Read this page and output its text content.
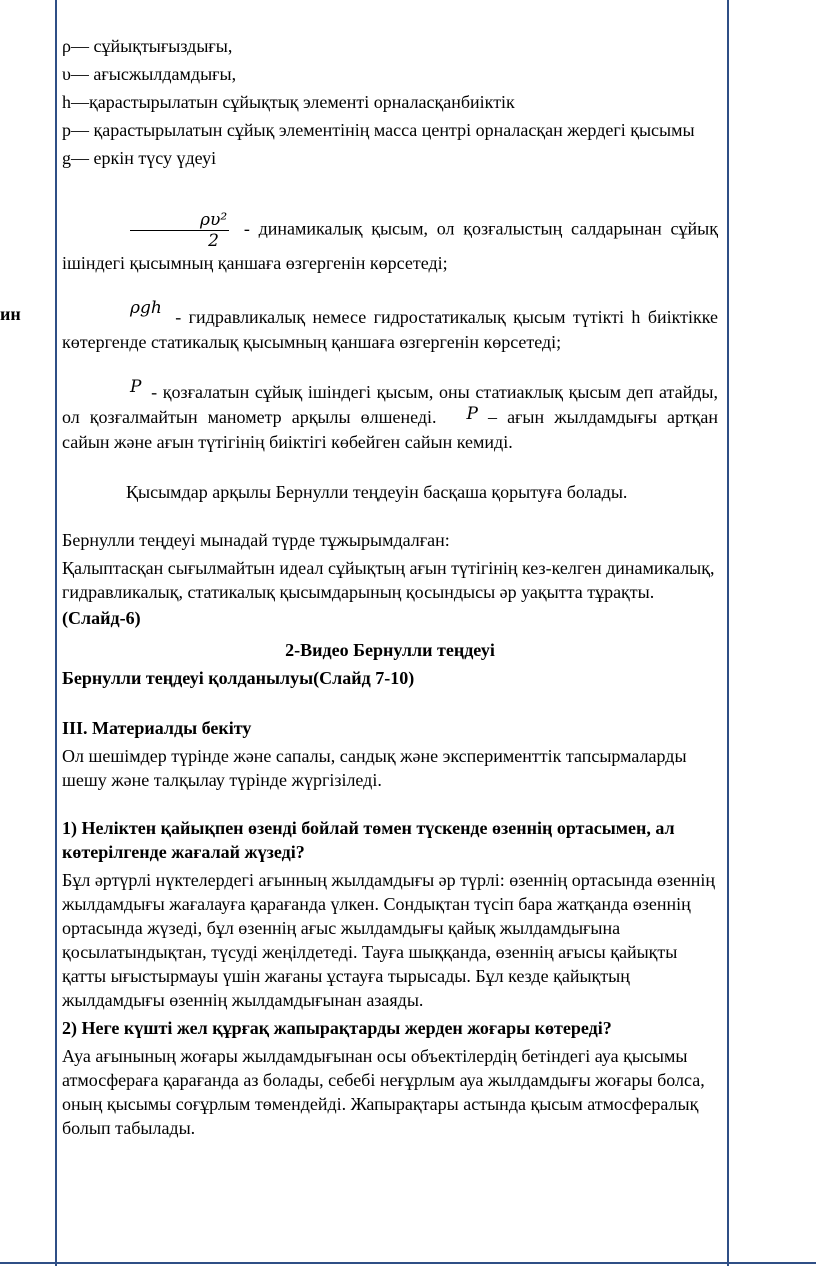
ин

ρ— сұйықтығыздығы,

υ— ағысжылдамдығы,

h—қарастырылатын сұйықтық элементі орналасқанбиіктік

p— қарастырылатын сұйық элементінің масса центрі орналасқан жердегі қысымы

g— еркін түсу үдеуі

$\frac{\text{ρυ²}}{2}$ - динамикалық қысым, ол қозғалыстың салдарынан сұйық ішіндегі қысымның қаншаға өзгергенін көрсетеді;

ρgh - гидравликалық немесе гидростатикалық қысым түтікті h биіктікке көтергенде статикалық қысымның қаншаға өзгергенін көрсетеді;

P - қозғалатын сұйық ішіндегі қысым, оны статиаклық қысым деп атайды, ол қозғалмайтын манометр арқылы өлшенеді. P – ағын жылдамдығы артқан сайын және ағын түтігінің биіктігі көбейген сайын кемиді.

Қысымдар арқылы Бернулли теңдеуін басқаша қорытуға болады.

Бернулли теңдеуі мынадай түрде тұжырымдалған:

Қалыптасқан сығылмайтын идеал сұйықтың ағын түтігінің кез-келген динамикалық, гидравликалық, статикалық қысымдарының қосындысы әр уақытта тұрақты.

(Слайд-6)

2-Видео Бернулли теңдеуі

Бернулли теңдеуі қолданылуы(Слайд 7-10)

III. Материалды бекіту

Ол шешімдер түрінде және сапалы, сандық және эксперименттік тапсырмаларды шешу және талқылау түрінде жүргізіледі.

1) Неліктен қайықпен өзенді бойлай төмен түскенде өзеннің ортасымен, ал көтерілгенде жағалай жүзеді?

Бұл әртүрлі нүктелердегі ағынның жылдамдығы әр түрлі: өзеннің ортасында өзеннің жылдамдығы жағалауға қарағанда үлкен. Сондықтан түсіп бара жатқанда өзеннің ортасында жүзеді, бұл өзеннің ағыс жылдамдығы қайық жылдамдығына қосылатындықтан, түсуді жеңілдетеді. Тауға шыққанда, өзеннің ағысы қайықты қатты ығыстырмауы үшін жағаны ұстауға тырысады. Бұл кезде қайықтың жылдамдығы өзеннің жылдамдығынан азаяды.

2) Неге күшті жел құрғақ жапырақтарды жерден жоғары көтереді?

Ауа ағынының жоғары жылдамдығынан осы объектілердің бетіндегі ауа қысымы атмосфераға қарағанда аз болады, себебі неғұрлым ауа жылдамдығы жоғары болса, оның қысымы соғұрлым төмендейді. Жапырақтары астында қысым атмосфералық болып табылады.
